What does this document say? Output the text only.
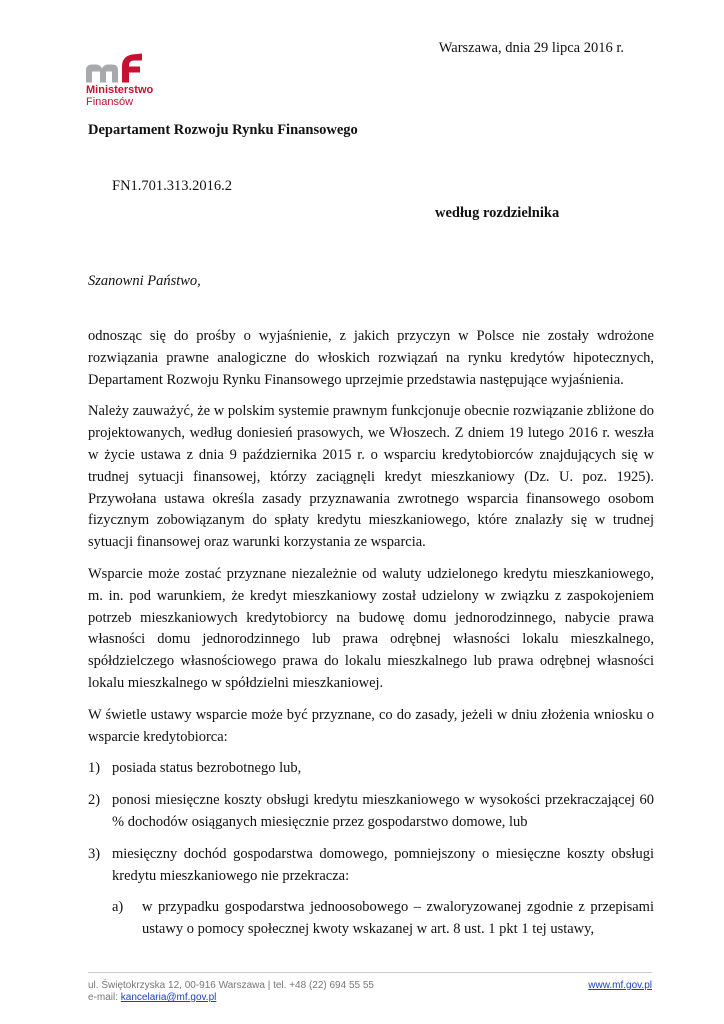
Ministerstwo
Finansów
Warszawa, dnia 29 lipca 2016 r.
Departament Rozwoju Rynku Finansowego
FN1.701.313.2016.2
według rozdzielnika
Szanowni Państwo,

odnosząc się do prośby o wyjaśnienie, z jakich przyczyn w Polsce nie zostały wdrożone rozwiązania prawne analogiczne do włoskich rozwiązań na rynku kredytów hipotecznych, Departament Rozwoju Rynku Finansowego uprzejmie przedstawia następujące wyjaśnienia.

Należy zauważyć, że w polskim systemie prawnym funkcjonuje obecnie rozwiązanie zbliżone do projektowanych, według doniesień prasowych, we Włoszech. Z dniem 19 lutego 2016 r. weszła w życie ustawa z dnia 9 października 2015 r. o wsparciu kredytobiorców znajdujących się w trudnej sytuacji finansowej, którzy zaciągnęli kredyt mieszkaniowy (Dz. U. poz. 1925). Przywołana ustawa określa zasady przyznawania zwrotnego wsparcia finansowego osobom fizycznym zobowiązanym do spłaty kredytu mieszkaniowego, które znalazły się w trudnej sytuacji finansowej oraz warunki korzystania ze wsparcia.

Wsparcie może zostać przyznane niezależnie od waluty udzielonego kredytu mieszkaniowego, m. in. pod warunkiem, że kredyt mieszkaniowy został udzielony w związku z zaspokojeniem potrzeb mieszkaniowych kredytobiorcy na budowę domu jednorodzinnego, nabycie prawa własności domu jednorodzinnego lub prawa odrębnej własności lokalu mieszkalnego, spółdzielczego własnościowego prawa do lokalu mieszkalnego lub prawa odrębnej własności lokalu mieszkalnego w spółdzielni mieszkaniowej.

W świetle ustawy wsparcie może być przyznane, co do zasady, jeżeli w dniu złożenia wniosku o wsparcie kredytobiorca:

1) posiada status bezrobotnego lub,
2) ponosi miesięczne koszty obsługi kredytu mieszkaniowego w wysokości przekraczającej 60 % dochodów osiąganych miesięcznie przez gospodarstwo domowe, lub
3) miesięczny dochód gospodarstwa domowego, pomniejszony o miesięczne koszty obsługi kredytu mieszkaniowego nie przekracza:
a) w przypadku gospodarstwa jednoosobowego – zwaloryzowanej zgodnie z przepisami ustawy o pomocy społecznej kwoty wskazanej w art. 8 ust. 1 pkt 1 tej ustawy,
ul. Świętokrzyska 12, 00-916 Warszawa | tel. +48 (22) 694 55 55
e-mail: kancelaria@mf.gov.pl
www.mf.gov.pl
